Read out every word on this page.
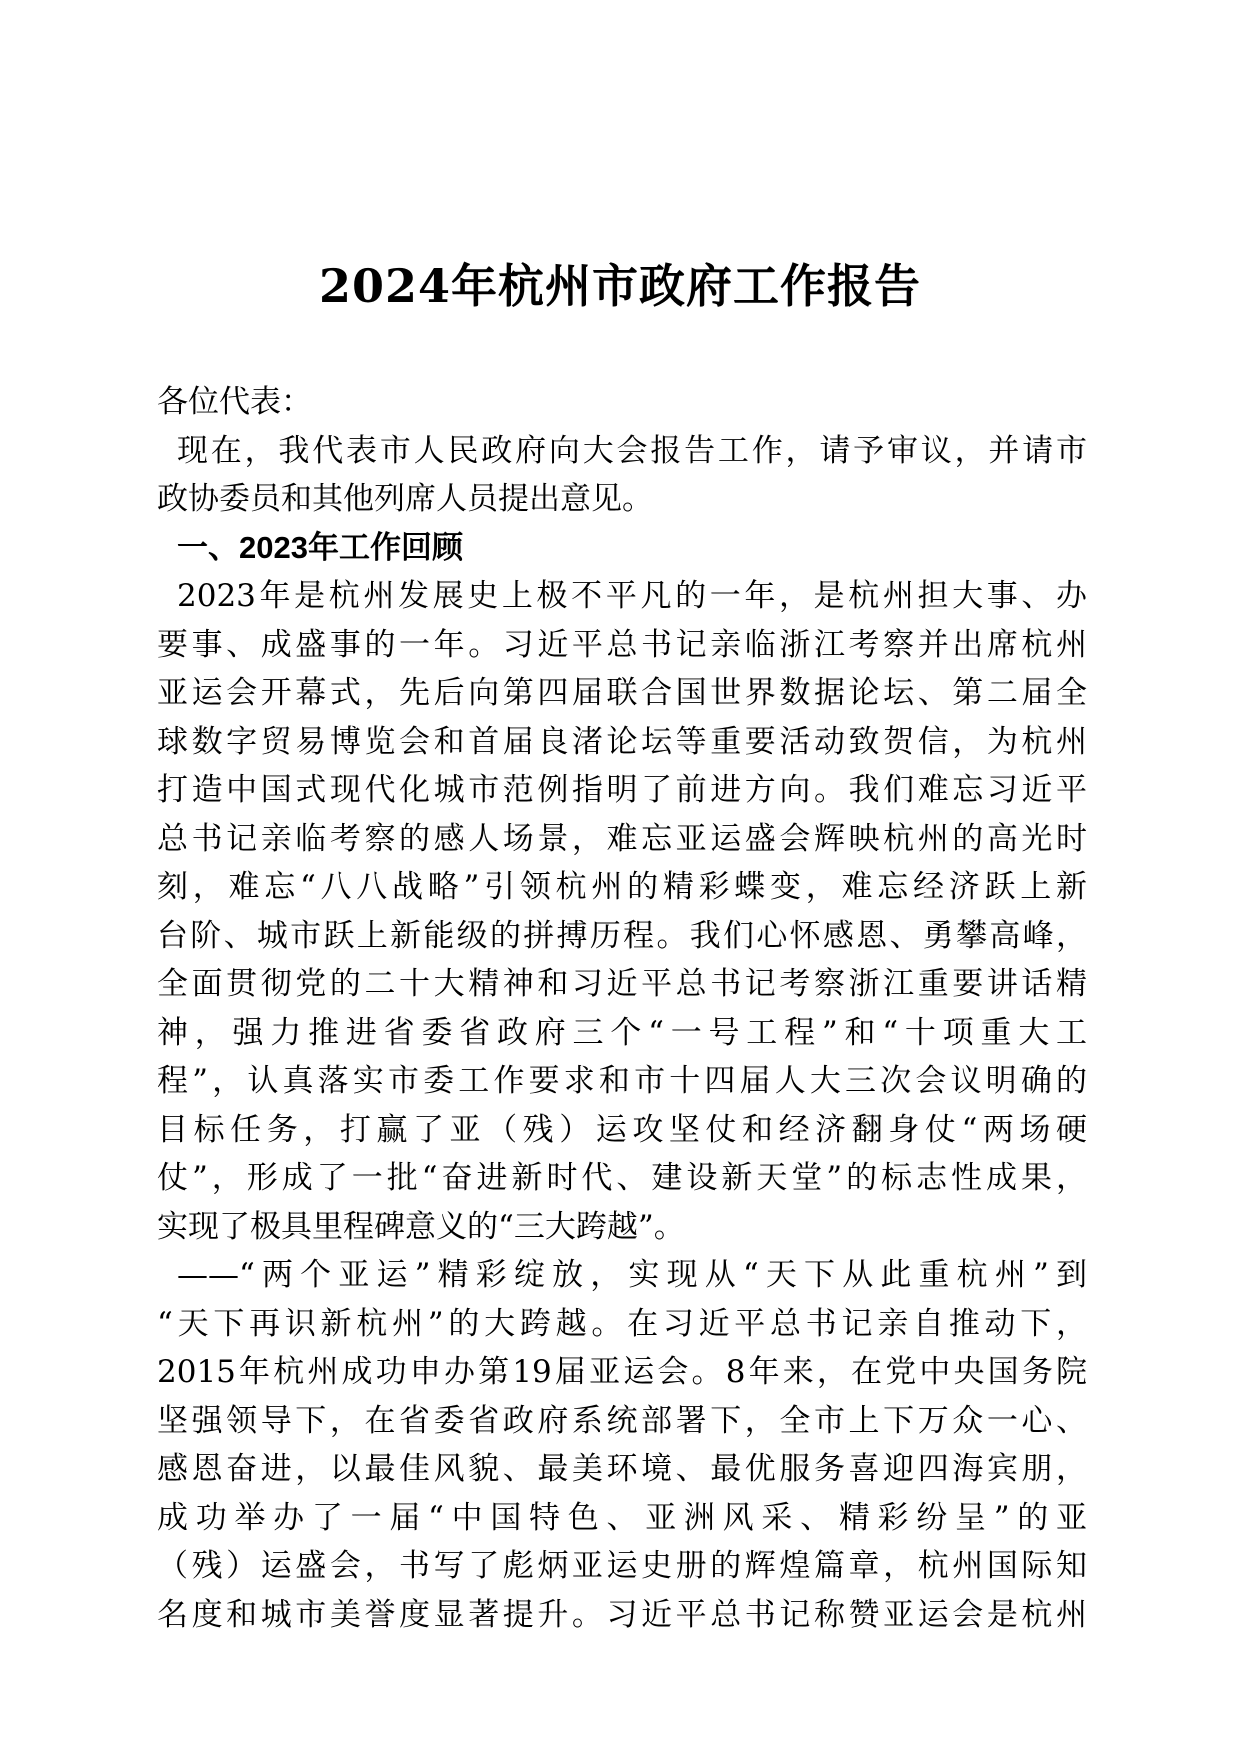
2024年杭州市政府工作报告
各位代表：
现在，我代表市人民政府向大会报告工作，请予审议，并请市
政协委员和其他列席人员提出意见。
一、2023年工作回顾
2023年是杭州发展史上极不平凡的一年，是杭州担大事、办
要事、成盛事的一年。习近平总书记亲临浙江考察并出席杭州
亚运会开幕式，先后向第四届联合国世界数据论坛、第二届全
球数字贸易博览会和首届良渚论坛等重要活动致贺信，为杭州
打造中国式现代化城市范例指明了前进方向。我们难忘习近平
总书记亲临考察的感人场景，难忘亚运盛会辉映杭州的高光时
刻，难忘“八八战略”引领杭州的精彩蝶变，难忘经济跃上新
台阶、城市跃上新能级的拼搏历程。我们心怀感恩、勇攀高峰，
全面贯彻党的二十大精神和习近平总书记考察浙江重要讲话精
神，强力推进省委省政府三个“一号工程”和“十项重大工
程”，认真落实市委工作要求和市十四届人大三次会议明确的
目标任务，打赢了亚（残）运攻坚仗和经济翻身仗“两场硬
仗”，形成了一批“奋进新时代、建设新天堂”的标志性成果，
实现了极具里程碑意义的“三大跨越”。
——“两个亚运”精彩绽放，实现从“天下从此重杭州”到
“天下再识新杭州”的大跨越。在习近平总书记亲自推动下，
2015年杭州成功申办第19届亚运会。8年来，在党中央国务院
坚强领导下，在省委省政府系统部署下，全市上下万众一心、
感恩奋进，以最佳风貌、最美环境、最优服务喜迎四海宾朋，
成功举办了一届“中国特色、亚洲风采、精彩纷呈”的亚
（残）运盛会，书写了彪炳亚运史册的辉煌篇章，杭州国际知
名度和城市美誉度显著提升。习近平总书记称赞亚运会是杭州
